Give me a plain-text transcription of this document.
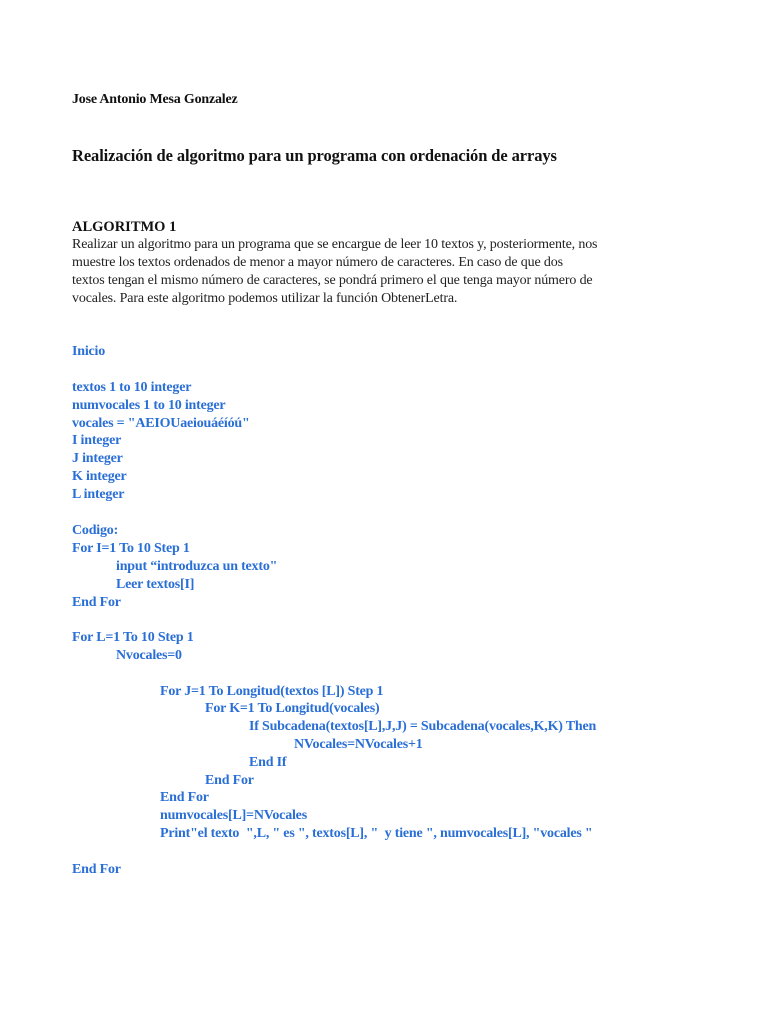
Jose Antonio Mesa Gonzalez
Realización de algoritmo para un programa con ordenación de arrays
ALGORITMO 1
Realizar un algoritmo para un programa que se encargue de leer 10 textos y, posteriormente, nos
muestre los textos ordenados de menor a mayor número de caracteres. En caso de que dos
textos tengan el mismo número de caracteres, se pondrá primero el que tenga mayor número de
vocales. Para este algoritmo podemos utilizar la función ObtenerLetra.
Inicio
textos 1 to 10 integer
numvocales 1 to 10 integer
vocales = "AEIOUaeiouáéíóú"
I integer
J integer
K integer
L integer
Codigo:
For I=1 To 10 Step 1
input “introduzca un texto"
Leer textos[I]
End For
For L=1 To 10 Step 1
Nvocales=0
For J=1 To Longitud(textos [L]) Step 1
For K=1 To Longitud(vocales)
If Subcadena(textos[L],J,J) = Subcadena(vocales,K,K) Then
NVocales=NVocales+1
End If
End For
End For
numvocales[L]=NVocales
Print"el texto  ",L, " es ", textos[L], "  y tiene ", numvocales[L], "vocales "
End For
